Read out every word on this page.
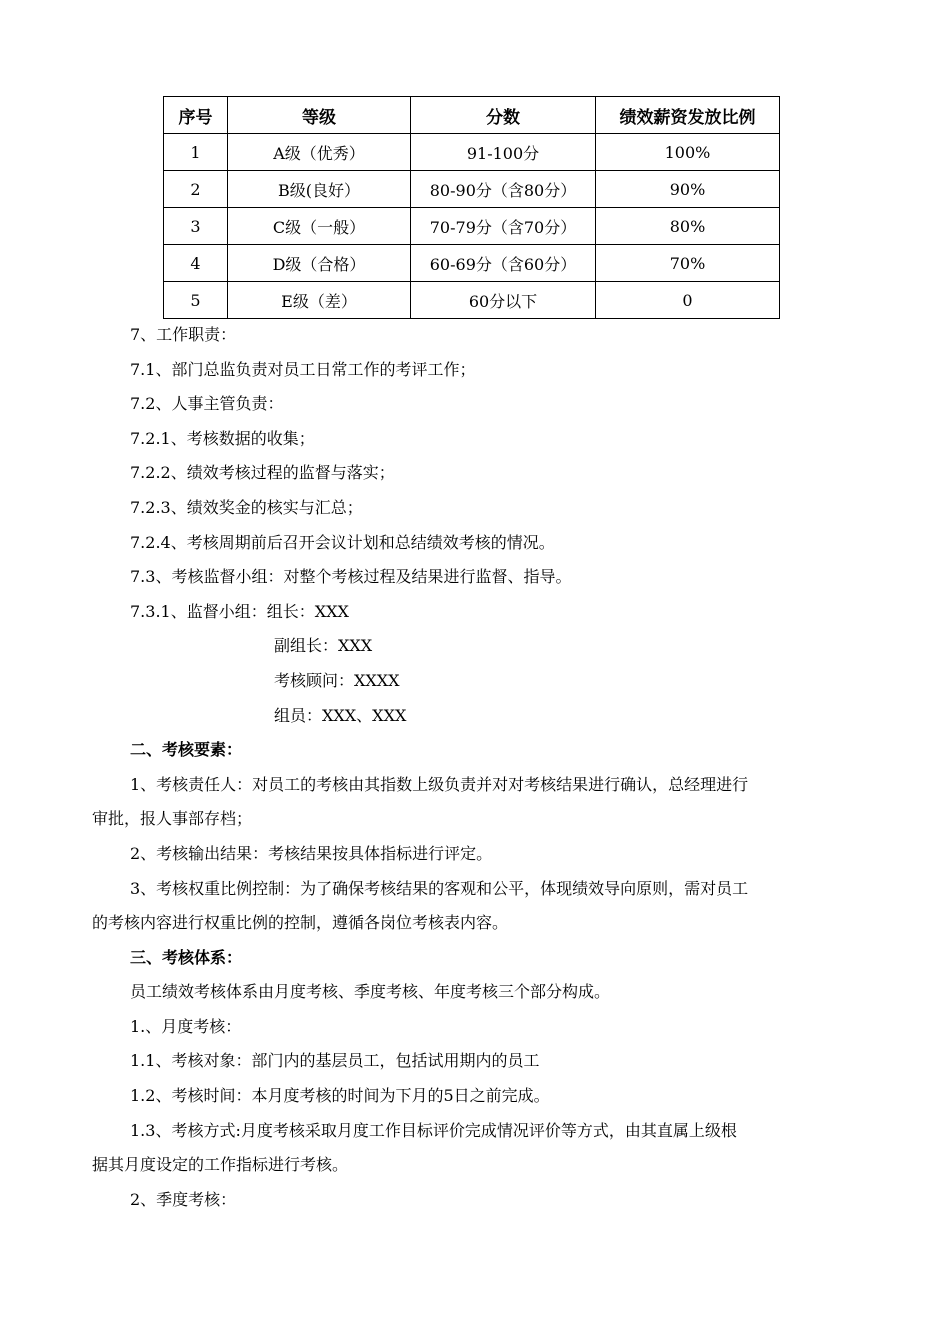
序号	等级	分数	绩效薪资发放比例
1	A级（优秀）	91-100分	100%
2	B级(良好）	80-90分（含80分）	90%
3	C级（一般）	70-79分（含70分）	80%
4	D级（合格）	60-69分（含60分）	70%
5	E级（差）	60分以下	0
7、工作职责：
7.1、部门总监负责对员工日常工作的考评工作；
7.2、人事主管负责：
7.2.1、考核数据的收集；
7.2.2、绩效考核过程的监督与落实；
7.2.3、绩效奖金的核实与汇总；
7.2.4、考核周期前后召开会议计划和总结绩效考核的情况。
7.3、考核监督小组：对整个考核过程及结果进行监督、指导。
7.3.1、监督小组：组长：XXX
副组长：XXX
考核顾问：XXXX
组员：XXX、XXX
二、考核要素：
1、考核责任人：对员工的考核由其指数上级负责并对对考核结果进行确认，总经理进行
审批，报人事部存档；
2、考核输出结果：考核结果按具体指标进行评定。
3、考核权重比例控制：为了确保考核结果的客观和公平，体现绩效导向原则，需对员工
的考核内容进行权重比例的控制，遵循各岗位考核表内容。
三、考核体系：
员工绩效考核体系由月度考核、季度考核、年度考核三个部分构成。
1.、月度考核：
1.1、考核对象：部门内的基层员工，包括试用期内的员工
1.2、考核时间：本月度考核的时间为下月的5日之前完成。
1.3、考核方式:月度考核采取月度工作目标评价完成情况评价等方式，由其直属上级根
据其月度设定的工作指标进行考核。
2、季度考核：
